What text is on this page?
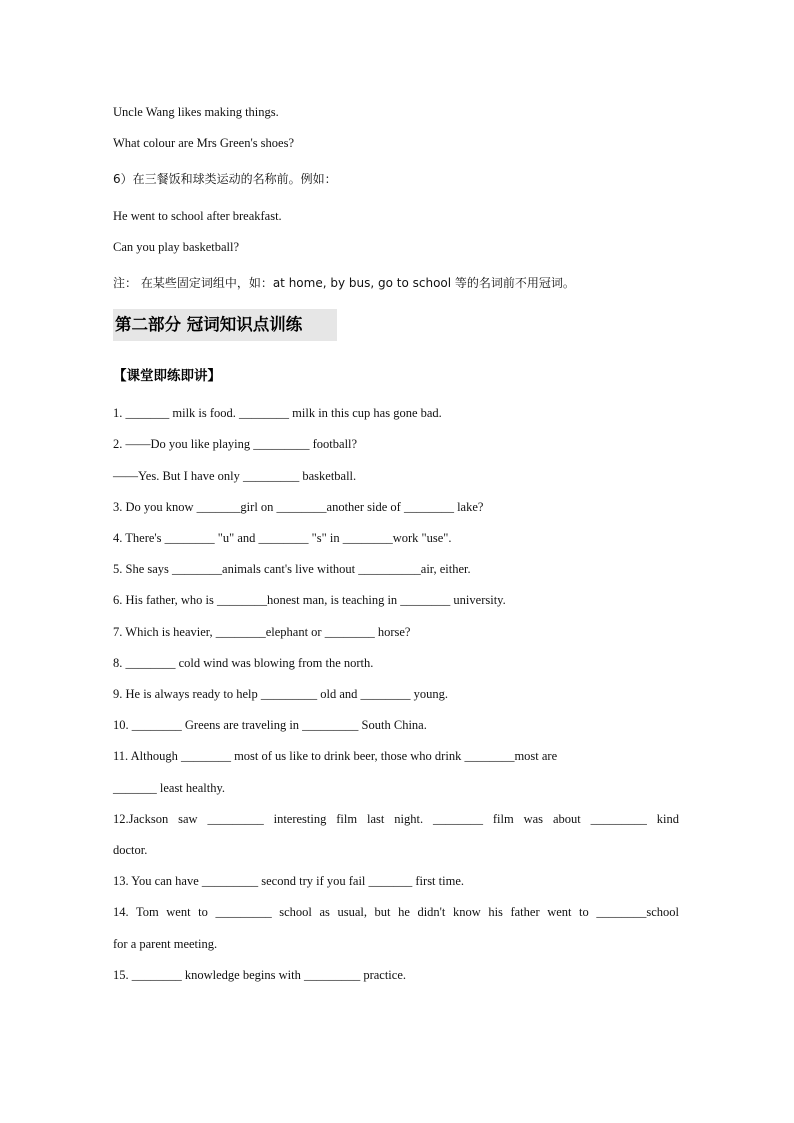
Uncle Wang likes making things.
What colour are Mrs Green's shoes?
6）在三餐饭和球类运动的名称前。例如：
He went to school after breakfast.
Can you play basketball?
注： 在某些固定词组中，如：at home, by bus, go to school 等的名词前不用冠词。
第二部分 冠词知识点训练
【课堂即练即讲】
1. _______ milk is food. ________ milk in this cup has gone bad.
2. ——Do you like playing _________ football?
——Yes. But I have only _________ basketball.
3. Do you know _______girl on ________another side of ________ lake?
4. There's ________ "u" and ________ "s" in ________work "use".
5. She says ________animals cant's live without __________air, either.
6. His father, who is ________honest man, is teaching in ________ university.
7. Which is heavier, ________elephant or ________ horse?
8. ________ cold wind was blowing from the north.
9. He is always ready to help _________ old and ________ young.
10. ________ Greens are traveling in _________ South China.
11. Although ________ most of us like to drink beer, those who drink ________most are
_______ least healthy.
12.Jackson saw _________ interesting film last night. ________ film was about _________ kind
doctor.
13. You can have _________ second try if you fail _______ first time.
14. Tom went to _________ school as usual, but he didn't know his father went to ________school
for a parent meeting.
15. ________ knowledge begins with _________ practice.
